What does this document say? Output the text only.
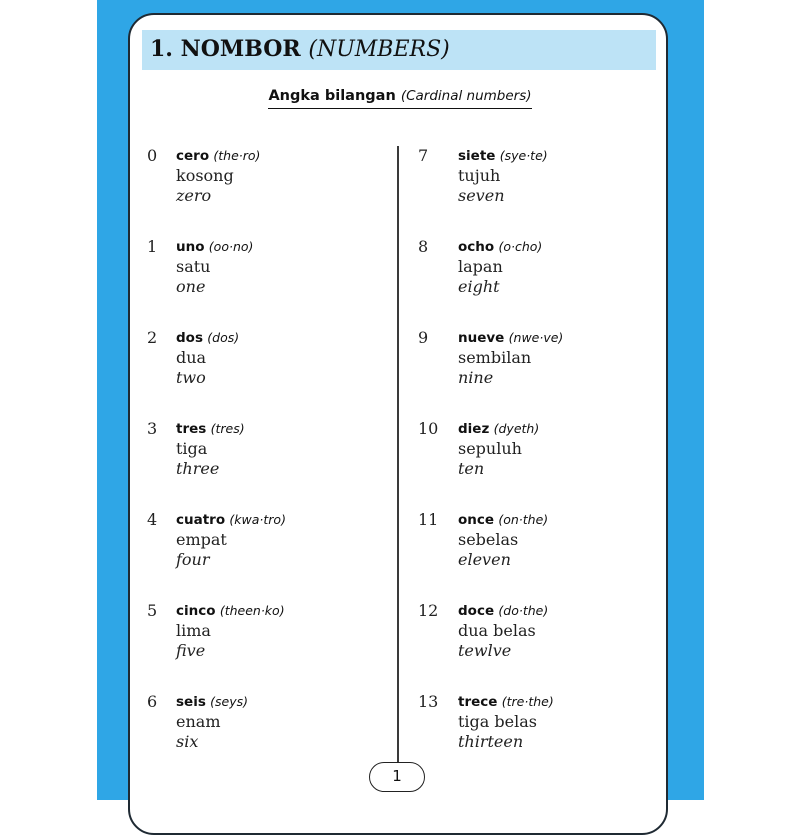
1. NOMBOR (NUMBERS)
Angka bilangan (Cardinal numbers)
0 cero (the·ro)
kosong
zero
1 uno (oo·no)
satu
one
2 dos (dos)
dua
two
3 tres (tres)
tiga
three
4 cuatro (kwa·tro)
empat
four
5 cinco (theen·ko)
lima
five
6 seis (seys)
enam
six
7 siete (sye·te)
tujuh
seven
8 ocho (o·cho)
lapan
eight
9 nueve (nwe·ve)
sembilan
nine
10 diez (dyeth)
sepuluh
ten
11 once (on·the)
sebelas
eleven
12 doce (do·the)
dua belas
tewlve
13 trece (tre·the)
tiga belas
thirteen
1
